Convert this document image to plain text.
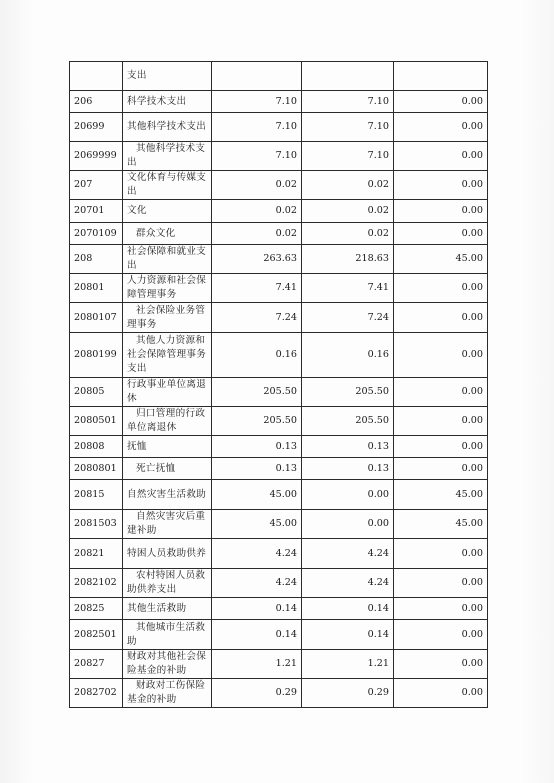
	支出			
206	科学技术支出	7.10	7.10	0.00
20699	其他科学技术支出	7.10	7.10	0.00
2069999	其他科学技术支出	7.10	7.10	0.00
207	文化体育与传媒支出	0.02	0.02	0.00
20701	文化	0.02	0.02	0.00
2070109	群众文化	0.02	0.02	0.00
208	社会保障和就业支出	263.63	218.63	45.00
20801	人力资源和社会保障管理事务	7.41	7.41	0.00
2080107	社会保险业务管理事务	7.24	7.24	0.00
2080199	其他人力资源和社会保障管理事务支出	0.16	0.16	0.00
20805	行政事业单位离退休	205.50	205.50	0.00
2080501	归口管理的行政单位离退休	205.50	205.50	0.00
20808	抚恤	0.13	0.13	0.00
2080801	死亡抚恤	0.13	0.13	0.00
20815	自然灾害生活救助	45.00	0.00	45.00
2081503	自然灾害灾后重建补助	45.00	0.00	45.00
20821	特困人员救助供养	4.24	4.24	0.00
2082102	农村特困人员救助供养支出	4.24	4.24	0.00
20825	其他生活救助	0.14	0.14	0.00
2082501	其他城市生活救助	0.14	0.14	0.00
20827	财政对其他社会保险基金的补助	1.21	1.21	0.00
2082702	财政对工伤保险基金的补助	0.29	0.29	0.00
